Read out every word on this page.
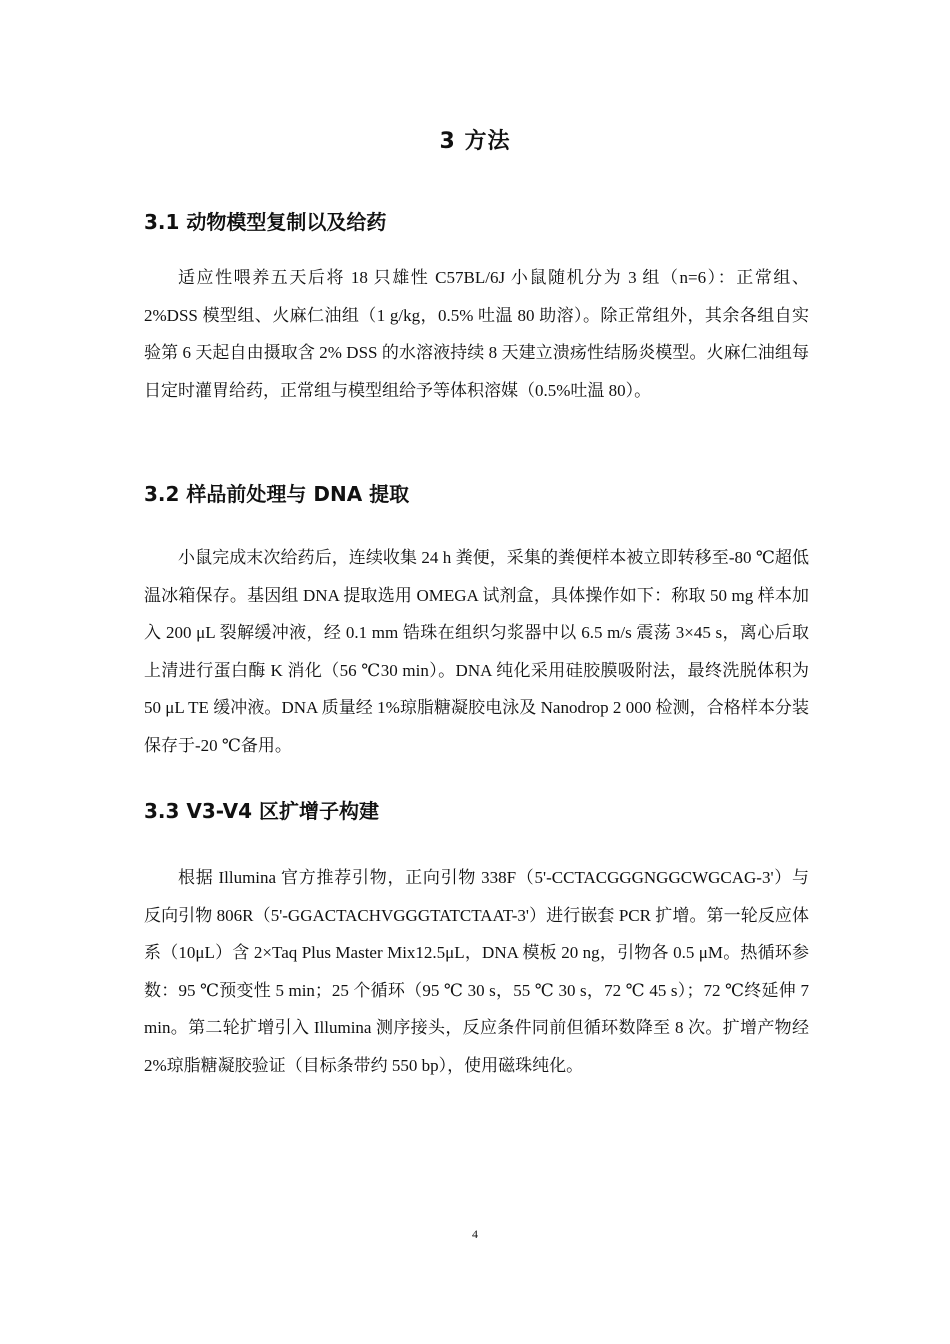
3 方法
3.1 动物模型复制以及给药

适应性喂养五天后将 18 只雄性 C57BL/6J 小鼠随机分为 3 组（n=6）：正常组、2%DSS 模型组、火麻仁油组（1 g/kg，0.5% 吐温 80 助溶）。除正常组外，其余各组自实验第 6 天起自由摄取含 2% DSS 的水溶液持续 8 天建立溃疡性结肠炎模型。火麻仁油组每日定时灌胃给药，正常组与模型组给予等体积溶媒（0.5%吐温 80）。

3.2 样品前处理与 DNA 提取

小鼠完成末次给药后，连续收集 24 h 粪便，采集的粪便样本被立即转移至-80 ℃超低温冰箱保存。基因组 DNA 提取选用 OMEGA 试剂盒，具体操作如下：称取 50 mg 样本加入 200 μL 裂解缓冲液，经 0.1 mm 锆珠在组织匀浆器中以 6.5 m/s 震荡 3×45 s，离心后取上清进行蛋白酶 K 消化（56 ℃30 min）。DNA 纯化采用硅胶膜吸附法，最终洗脱体积为 50 μL TE 缓冲液。DNA 质量经 1%琼脂糖凝胶电泳及 Nanodrop 2 000 检测，合格样本分装保存于-20 ℃备用。

3.3 V3-V4 区扩增子构建

根据 Illumina 官方推荐引物，正向引物 338F（5'-CCTACGGGNGGCWGCAG-3'）与反向引物 806R（5'-GGACTACHVGGGTATCTAAT-3'）进行嵌套 PCR 扩增。第一轮反应体系（10μL）含 2×Taq Plus Master Mix12.5μL，DNA 模板 20 ng，引物各 0.5 μM。热循环参数：95 ℃预变性 5 min；25 个循环（95 ℃ 30 s，55 ℃ 30 s，72 ℃ 45 s）；72 ℃终延伸 7 min。第二轮扩增引入 Illumina 测序接头，反应条件同前但循环数降至 8 次。扩增产物经 2%琼脂糖凝胶验证（目标条带约 550 bp），使用磁珠纯化。

4
